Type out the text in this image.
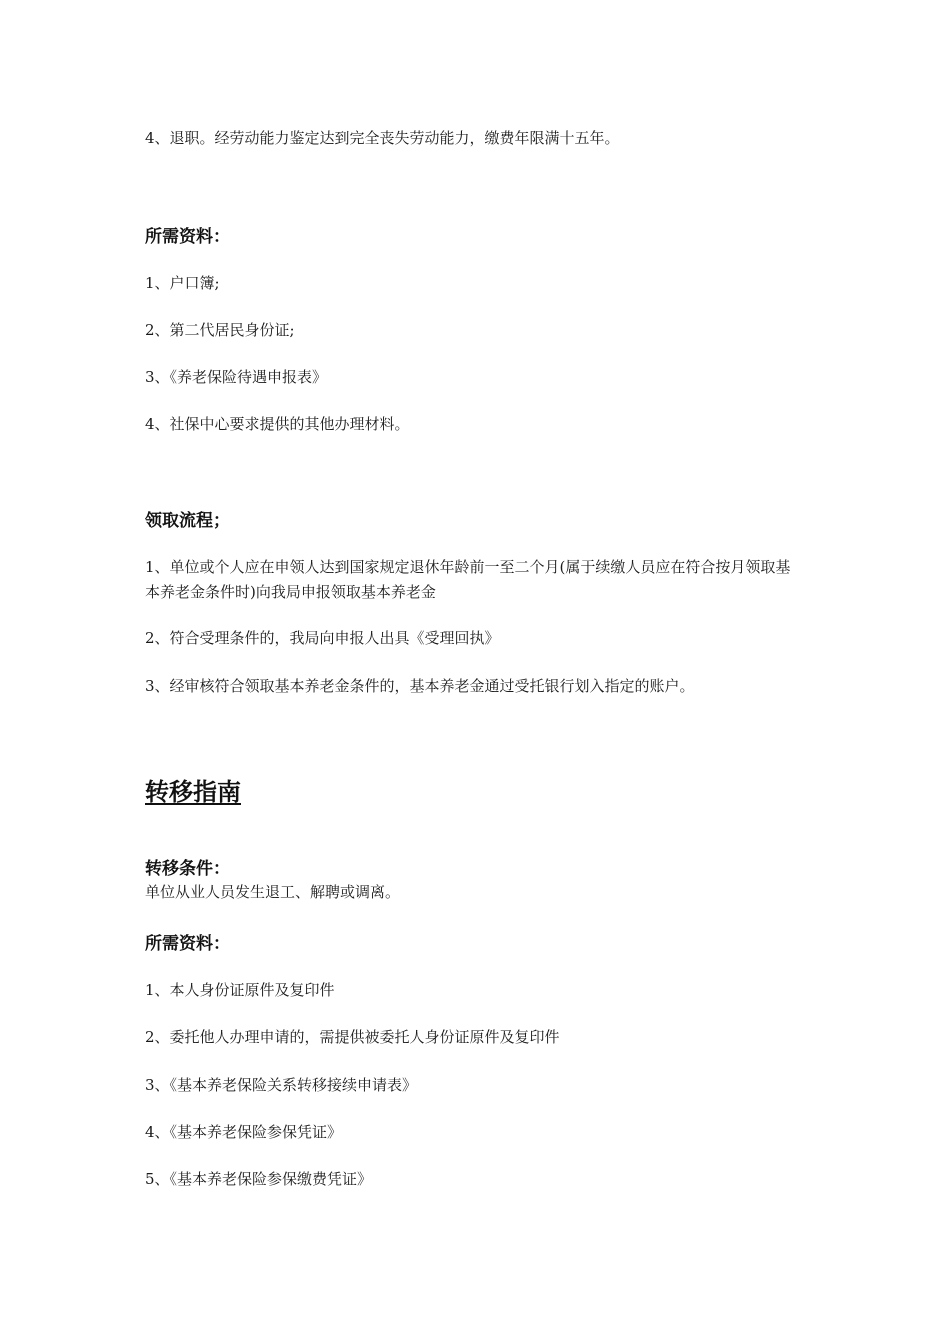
4、退职。经劳动能力鉴定达到完全丧失劳动能力，缴费年限满十五年。
所需资料：
1、户口簿;
2、第二代居民身份证;
3、《养老保险待遇申报表》
4、社保中心要求提供的其他办理材料。
领取流程；
1、单位或个人应在申领人达到国家规定退休年龄前一至二个月(属于续缴人员应在符合按月领取基本养老金条件时)向我局申报领取基本养老金
2、符合受理条件的，我局向申报人出具《受理回执》
3、经审核符合领取基本养老金条件的，基本养老金通过受托银行划入指定的账户。
转移指南
转移条件：
单位从业人员发生退工、解聘或调离。
所需资料：
1、本人身份证原件及复印件
2、委托他人办理申请的，需提供被委托人身份证原件及复印件
3、《基本养老保险关系转移接续申请表》
4、《基本养老保险参保凭证》
5、《基本养老保险参保缴费凭证》
